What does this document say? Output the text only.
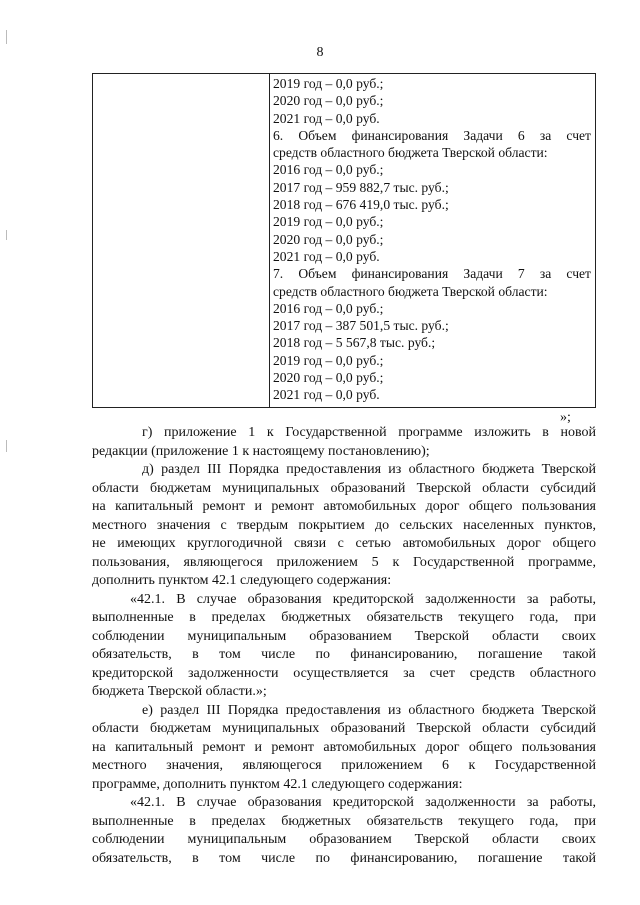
8
2019 год – 0,0 руб.;
2020 год – 0,0 руб.;
2021 год – 0,0 руб.
6. Объем финансирования Задачи 6 за счет
средств областного бюджета Тверской области:
2016 год – 0,0 руб.;
2017 год – 959 882,7 тыс. руб.;
2018 год – 676 419,0 тыс. руб.;
2019 год – 0,0 руб.;
2020 год – 0,0 руб.;
2021 год – 0,0 руб.
7. Объем финансирования Задачи 7 за счет
средств областного бюджета Тверской области:
2016 год – 0,0 руб.;
2017 год – 387 501,5 тыс. руб.;
2018 год – 5 567,8 тыс. руб.;
2019 год – 0,0 руб.;
2020 год – 0,0 руб.;
2021 год – 0,0 руб.
»;
г) приложение 1 к Государственной программе изложить в новой
редакции (приложение 1 к настоящему постановлению);
д) раздел III Порядка предоставления из областного бюджета Тверской
области бюджетам муниципальных образований Тверской области субсидий
на капитальный ремонт и ремонт автомобильных дорог общего пользования
местного значения с твердым покрытием до сельских населенных пунктов,
не имеющих круглогодичной связи с сетью автомобильных дорог общего
пользования, являющегося приложением 5 к Государственной программе,
дополнить пунктом 42.1 следующего содержания:
«42.1. В случае образования кредиторской задолженности за работы,
выполненные в пределах бюджетных обязательств текущего года, при
соблюдении муниципальным образованием Тверской области своих
обязательств, в том числе по финансированию, погашение такой
кредиторской задолженности осуществляется за счет средств областного
бюджета Тверской области.»;
е) раздел III Порядка предоставления из областного бюджета Тверской
области бюджетам муниципальных образований Тверской области субсидий
на капитальный ремонт и ремонт автомобильных дорог общего пользования
местного значения, являющегося приложением 6 к Государственной
программе, дополнить пунктом 42.1 следующего содержания:
«42.1. В случае образования кредиторской задолженности за работы,
выполненные в пределах бюджетных обязательств текущего года, при
соблюдении муниципальным образованием Тверской области своих
обязательств, в том числе по финансированию, погашение такой
